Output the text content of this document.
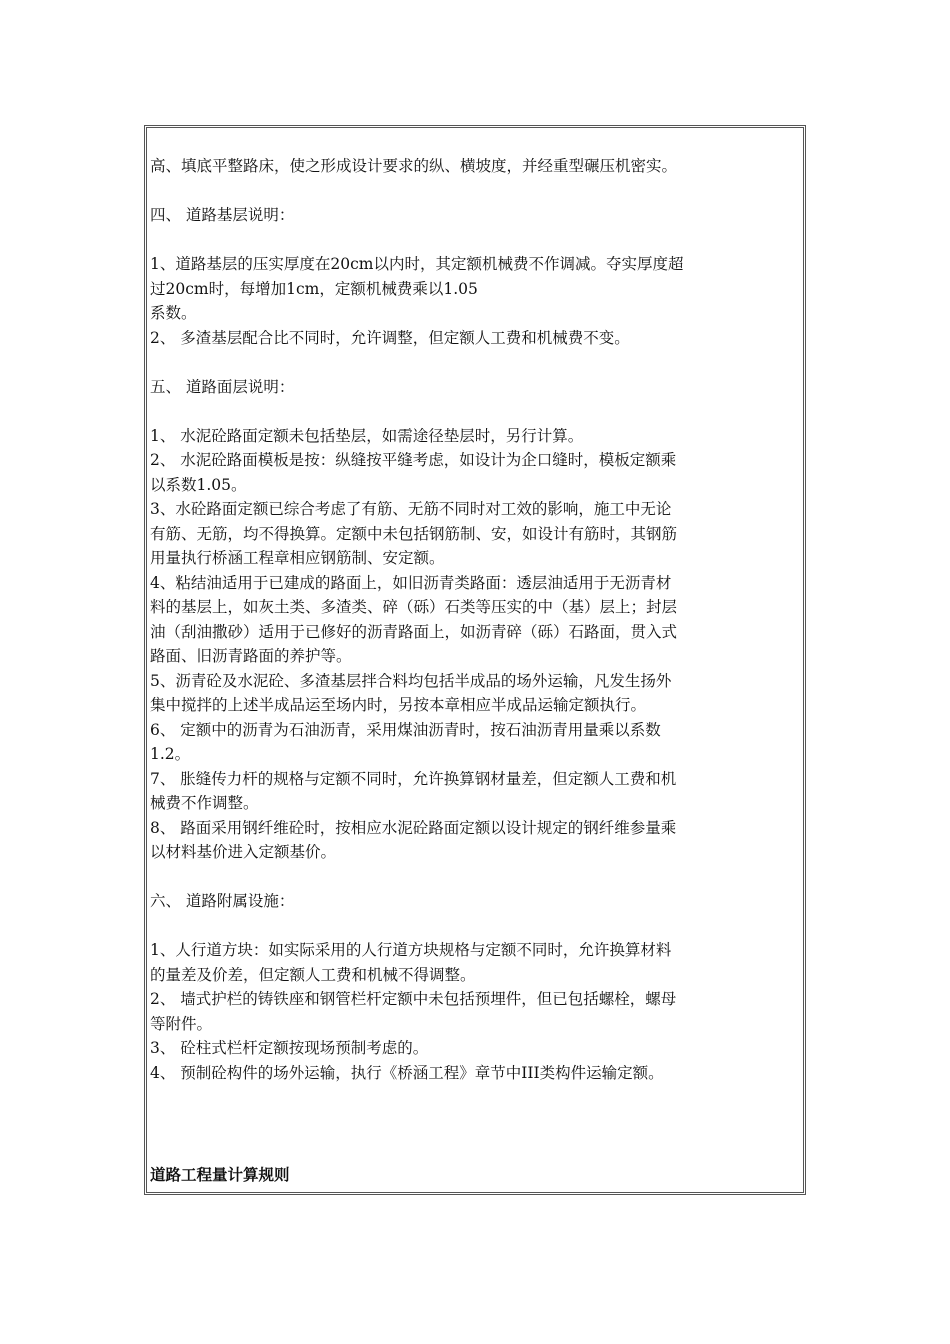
高、填底平整路床，使之形成设计要求的纵、横坡度，并经重型碾压机密实。
四、 道路基层说明：
1、道路基层的压实厚度在20cm以内时，其定额机械费不作调减。夺实厚度超
过20cm时，每增加1cm，定额机械费乘以1.05
系数。
2、 多渣基层配合比不同时，允许调整，但定额人工费和机械费不变。
五、 道路面层说明：
1、 水泥砼路面定额未包括垫层，如需途径垫层时，另行计算。
2、 水泥砼路面模板是按：纵缝按平缝考虑，如设计为企口缝时，模板定额乘
以系数1.05。
3、水砼路面定额已综合考虑了有筋、无筋不同时对工效的影响，施工中无论
有筋、无筋，均不得换算。定额中未包括钢筋制、安，如设计有筋时，其钢筋
用量执行桥涵工程章相应钢筋制、安定额。
4、粘结油适用于已建成的路面上，如旧沥青类路面：透层油适用于无沥青材
料的基层上，如灰土类、多渣类、碎（砾）石类等压实的中（基）层上；封层
油（刮油撒砂）适用于已修好的沥青路面上，如沥青碎（砾）石路面，贯入式
路面、旧沥青路面的养护等。
5、沥青砼及水泥砼、多渣基层拌合料均包括半成品的场外运输，凡发生扬外
集中搅拌的上述半成品运至场内时，另按本章相应半成品运输定额执行。
6、 定额中的沥青为石油沥青，采用煤油沥青时，按石油沥青用量乘以系数
1.2。
7、 胀缝传力杆的规格与定额不同时，允许换算钢材量差，但定额人工费和机
械费不作调整。
8、 路面采用钢纤维砼时，按相应水泥砼路面定额以设计规定的钢纤维参量乘
以材料基价进入定额基价。
六、 道路附属设施：
1、人行道方块：如实际采用的人行道方块规格与定额不同时，允许换算材料
的量差及价差，但定额人工费和机械不得调整。
2、 墙式护栏的铸铁座和钢管栏杆定额中未包括预埋件，但已包括螺栓，螺母
等附件。
3、 砼柱式栏杆定额按现场预制考虑的。
4、 预制砼构件的场外运输，执行《桥涵工程》章节中III类构件运输定额。
道路工程量计算规则
